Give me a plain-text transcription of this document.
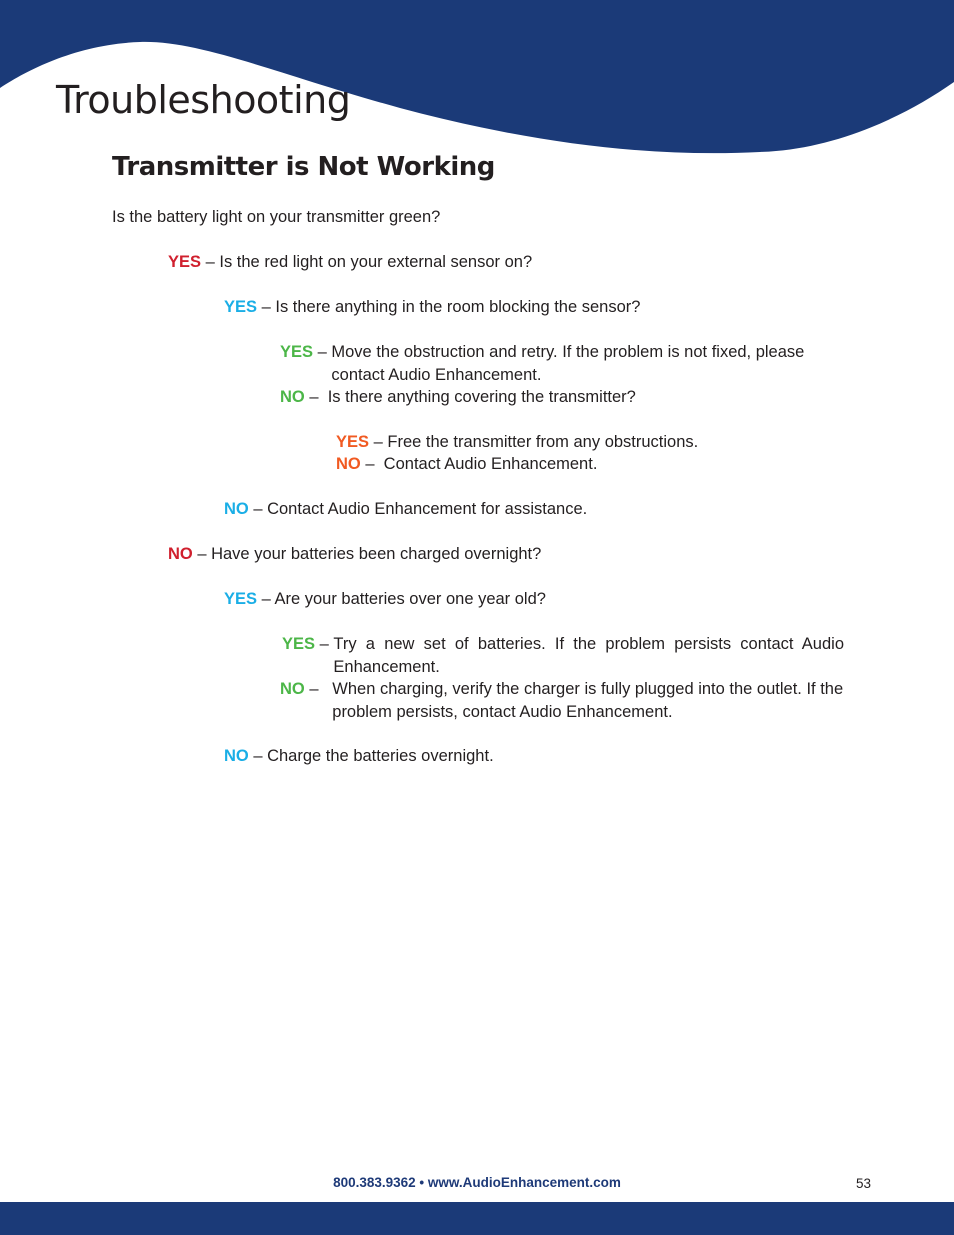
Troubleshooting
Transmitter is Not Working
Is the battery light on your transmitter green?
YES – Is the red light on your external sensor on?
YES – Is there anything in the room blocking the sensor?
YES – Move the obstruction and retry. If the problem is not fixed, please contact Audio Enhancement.
NO –  Is there anything covering the transmitter?
YES – Free the transmitter from any obstructions.
NO –  Contact Audio Enhancement.
NO – Contact Audio Enhancement for assistance.
NO – Have your batteries been charged overnight?
YES – Are your batteries over one year old?
YES – Try a new set of batteries. If the problem persists contact Audio Enhancement.
NO – When charging, verify the charger is fully plugged into the outlet. If the problem persists, contact Audio Enhancement.
NO – Charge the batteries overnight.
800.383.9362 • www.AudioEnhancement.com	53
